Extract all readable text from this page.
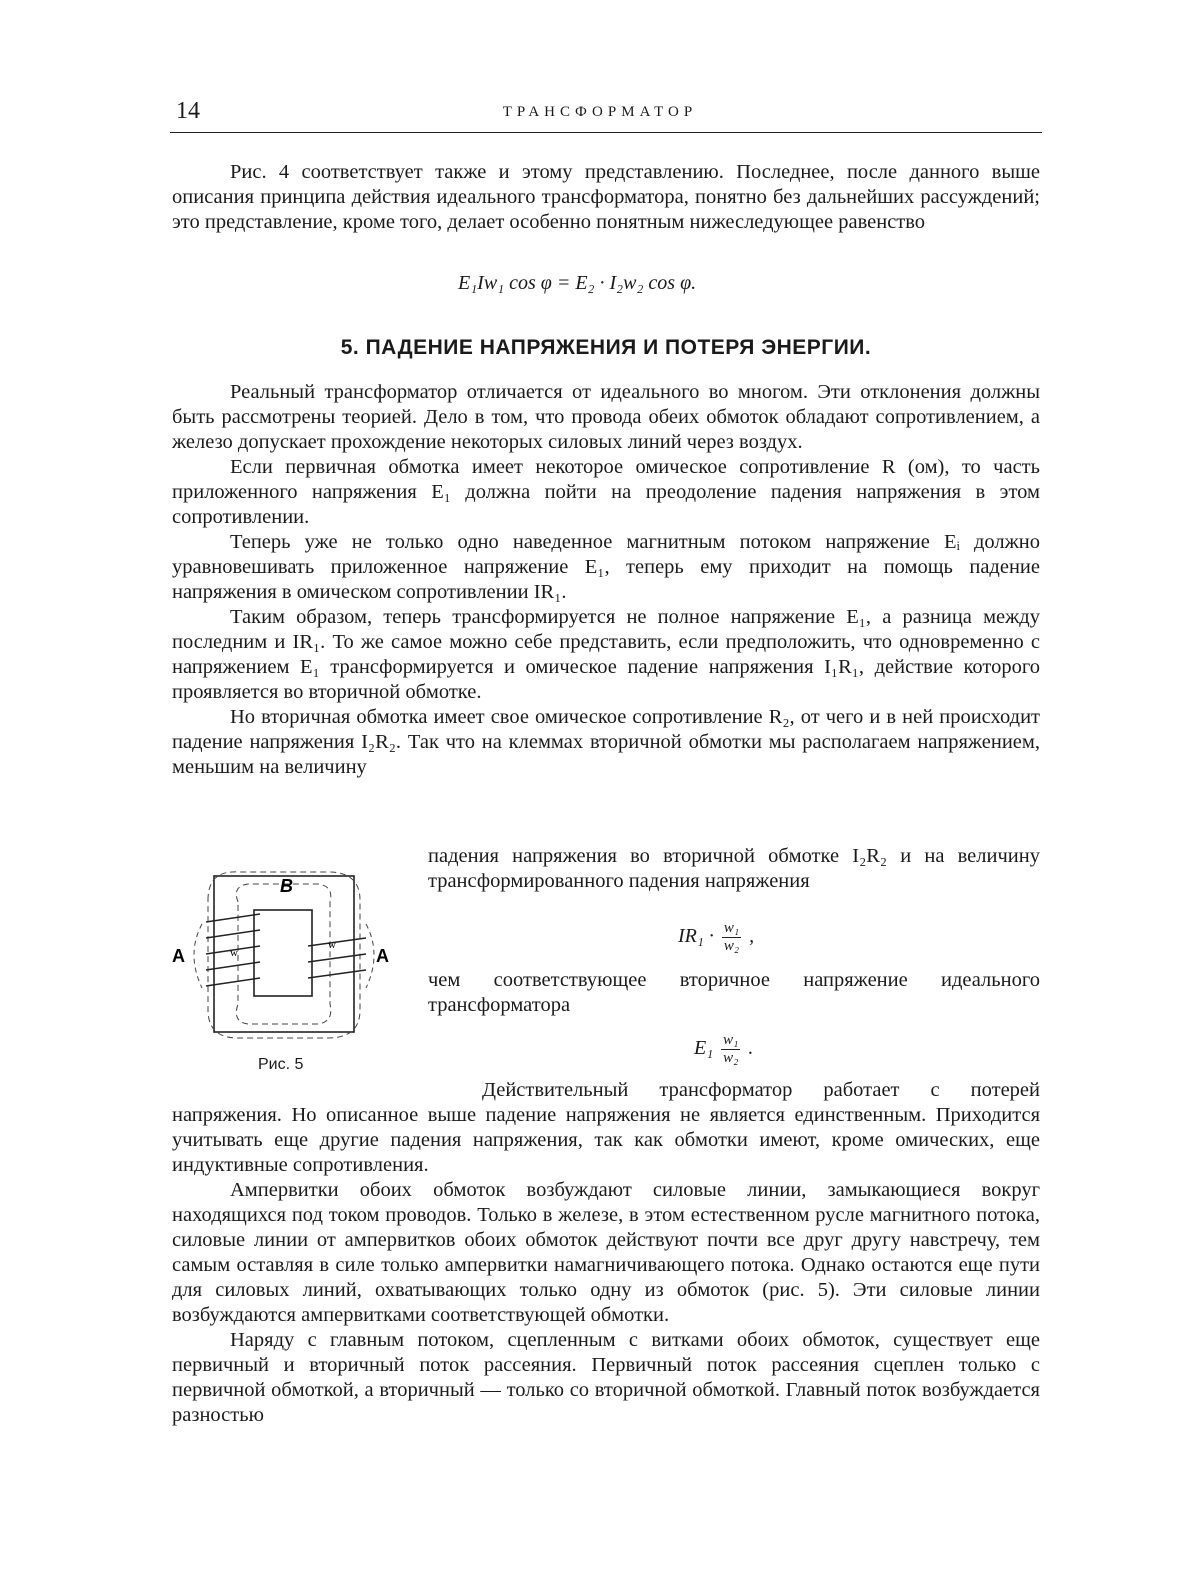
14	ТРАНСФОРМАТОР

Рис. 4 соответствует также и этому представлению. Последнее, после данного выше описания принципа действия идеального трансформатора, понятно без дальнейших рассуждений; это представление, кроме того, делает особенно понятным нижеследующее равенство

E₁Iw₁ cos φ = E₂ · I₂w₂ cos φ.
5. ПАДЕНИЕ НАПРЯЖЕНИЯ И ПОТЕРЯ ЭНЕРГИИ.

Реальный трансформатор отличается от идеального во многом. Эти отклонения должны быть рассмотрены теорией. Дело в том, что провода обеих обмоток обладают сопротивлением, а железо допускает прохождение некоторых силовых линий через воздух.

Если первичная обмотка имеет некоторое омическое сопротивление R (ом), то часть приложенного напряжения E₁ должна пойти на преодоление падения напряжения в этом сопротивлении.

Теперь уже не только одно наведенное магнитным потоком напряжение Eᵢ должно уравновешивать приложенное напряжение E₁, теперь ему приходит на помощь падение напряжения в омическом сопротивлении IR₁.

Таким образом, теперь трансформируется не полное напряжение E₁, а разница между последним и IR₁. То же самое можно себе представить, если предположить, что одновременно с напряжением E₁ трансформируется и омическое падение напряжения I₁R₁, действие которого проявляется во вторичной обмотке.

Но вторичная обмотка имеет свое омическое сопротивление R₂, от чего и в ней происходит падение напряжения I₂R₂. Так что на клеммах вторичной обмотки мы располагаем напряжением, меньшим на величину

падения напряжения во вторичной обмотке I₂R₂ и на величину трансформированного падения напряжения

$IR_1 \cdot \frac{\text{w₁}}{\text{w₂}}$ ,

чем соответствующее вторичное напряжение идеального трансформатора

$E_1 \frac{\text{w₁}}{\text{w₂}}$ .
B
A	A
w
w
Рис. 5

Действительный трансформатор работает с потерей напряжения. Но описанное выше падение напряжения не является единственным. Приходится учитывать еще другие падения напряжения, так как обмотки имеют, кроме омических, еще индуктивные сопротивления.

Ампервитки обоих обмоток возбуждают силовые линии, замыкающиеся вокруг находящихся под током проводов. Только в железе, в этом естественном русле магнитного потока, силовые линии от ампервитков обоих обмоток действуют почти все друг другу навстречу, тем самым оставляя в силе только ампервитки намагничивающего потока. Однако остаются еще пути для силовых линий, охватывающих только одну из обмоток (рис. 5). Эти силовые линии возбуждаются ампервитками соответствующей обмотки.

Наряду с главным потоком, сцепленным с витками обоих обмоток, существует еще первичный и вторичный поток рассеяния. Первичный поток рассеяния сцеплен только с первичной обмоткой, а вторичный — только со вторичной обмоткой. Главный поток возбуждается разностью
